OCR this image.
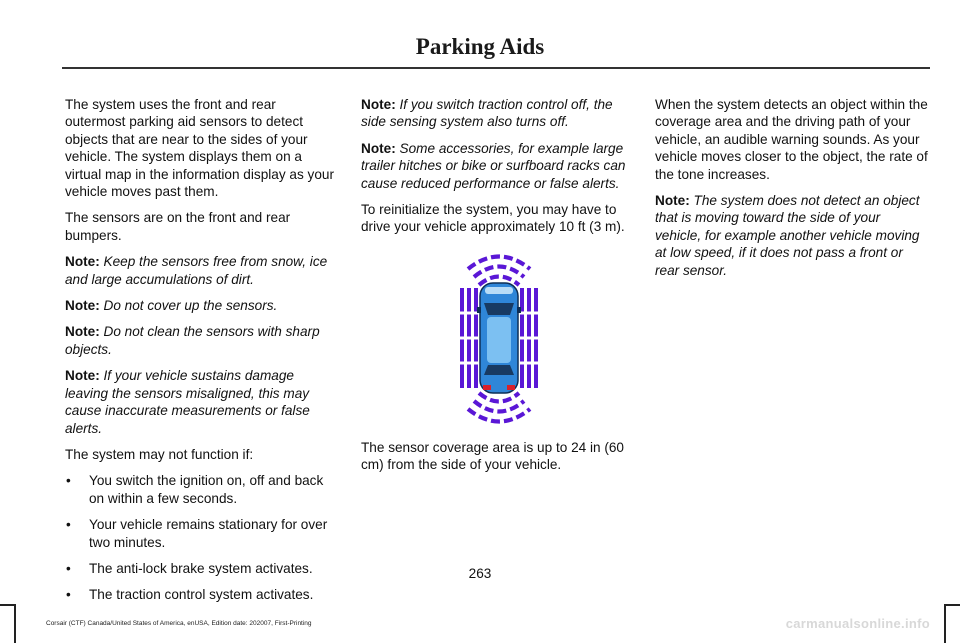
Parking Aids

The system uses the front and rear outermost parking aid sensors to detect objects that are near to the sides of your vehicle. The system displays them on a virtual map in the information display as your vehicle moves past them.

The sensors are on the front and rear bumpers.

Note: Keep the sensors free from snow, ice and large accumulations of dirt.

Note: Do not cover up the sensors.

Note: Do not clean the sensors with sharp objects.

Note: If your vehicle sustains damage leaving the sensors misaligned, this may cause inaccurate measurements or false alerts.

The system may not function if:

• You switch the ignition on, off and back on within a few seconds.
• Your vehicle remains stationary for over two minutes.
• The anti-lock brake system activates.
• The traction control system activates.

Note: If you switch traction control off, the side sensing system also turns off.

Note: Some accessories, for example large trailer hitches or bike or surfboard racks can cause reduced performance or false alerts.

To reinitialize the system, you may have to drive your vehicle approximately 10 ft (3 m).

The sensor coverage area is up to 24 in (60 cm) from the side of your vehicle.

When the system detects an object within the coverage area and the driving path of your vehicle, an audible warning sounds. As your vehicle moves closer to the object, the rate of the tone increases.

Note: The system does not detect an object that is moving toward the side of your vehicle, for example another vehicle moving at low speed, if it does not pass a front or rear sensor.

263
Corsair (CTF) Canada/United States of America, enUSA, Edition date: 202007, First-Printing	carmanualsonline.info
